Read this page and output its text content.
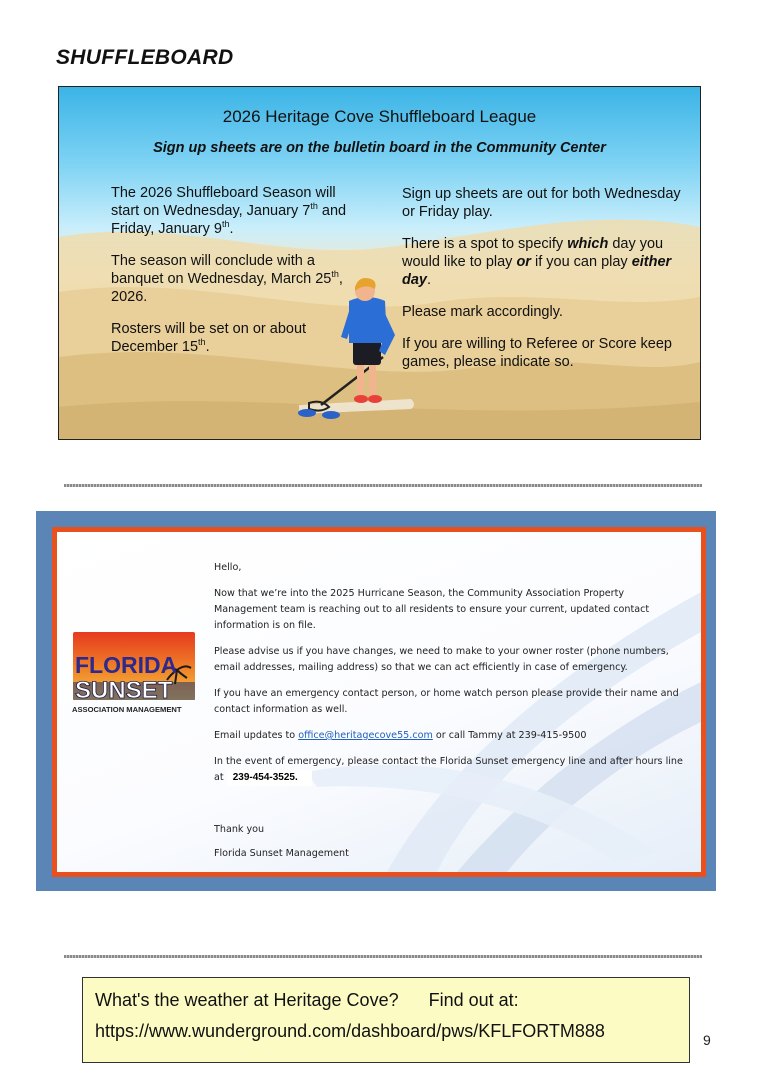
SHUFFLEBOARD
2026 Heritage Cove Shuffleboard League
Sign up sheets are on the bulletin board in the Community Center

The 2026 Shuffleboard Season will start on Wednesday, January 7th and Friday, January 9th.

The season will conclude with a banquet on Wednesday, March 25th, 2026.

Rosters will be set on or about December 15th.

Sign up sheets are out for both Wednesday or Friday play.

There is a spot to specify which day you would like to play or if you can play either day.

Please mark accordingly.

If you are willing to Referee or Score keep games, please indicate so.

FLORIDA
SUNSET
ASSOCIATION MANAGEMENT
Hello,
Now that we’re into the 2025 Hurricane Season, the Community Association Property Management team is reaching out to all residents to ensure your current, updated contact information is on file.
Please advise us if you have changes, we need to make to your owner roster (phone numbers, email addresses, mailing address) so that we can act efficiently in case of emergency.
If you have an emergency contact person, or home watch person please provide their name and contact information as well.
Email updates to office@heritagecove55.com or call Tammy at 239-415-9500
In the event of emergency, please contact the Florida Sunset emergency line and after hours line at 239-454-3525.
Thank you
Florida Sunset Management
What's the weather at Heritage Cove? Find out at:
https://www.wunderground.com/dashboard/pws/KFLFORTM888	9
